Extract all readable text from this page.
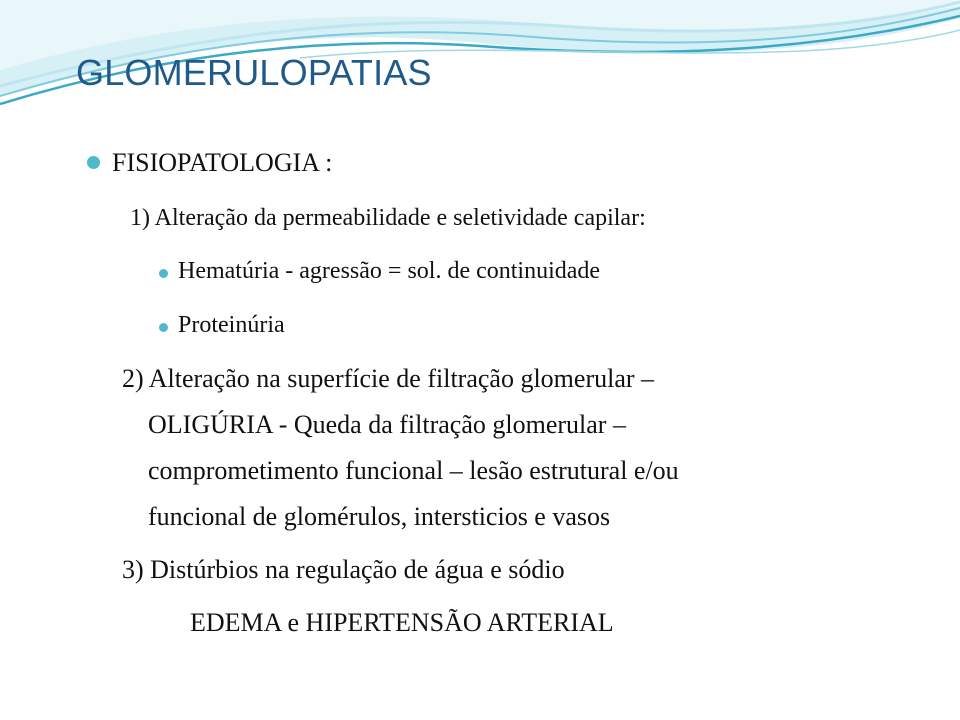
GLOMERULOPATIAS
FISIOPATOLOGIA :
1) Alteração da permeabilidade e seletividade capilar:
Hematúria - agressão = sol. de continuidade
Proteinúria
2) Alteração na superfície de filtração glomerular –
OLIGÚRIA - Queda da filtração glomerular –
comprometimento funcional – lesão estrutural e/ou
funcional de glomérulos, intersticios e vasos
3) Distúrbios na regulação de água e sódio
EDEMA e HIPERTENSÃO ARTERIAL
